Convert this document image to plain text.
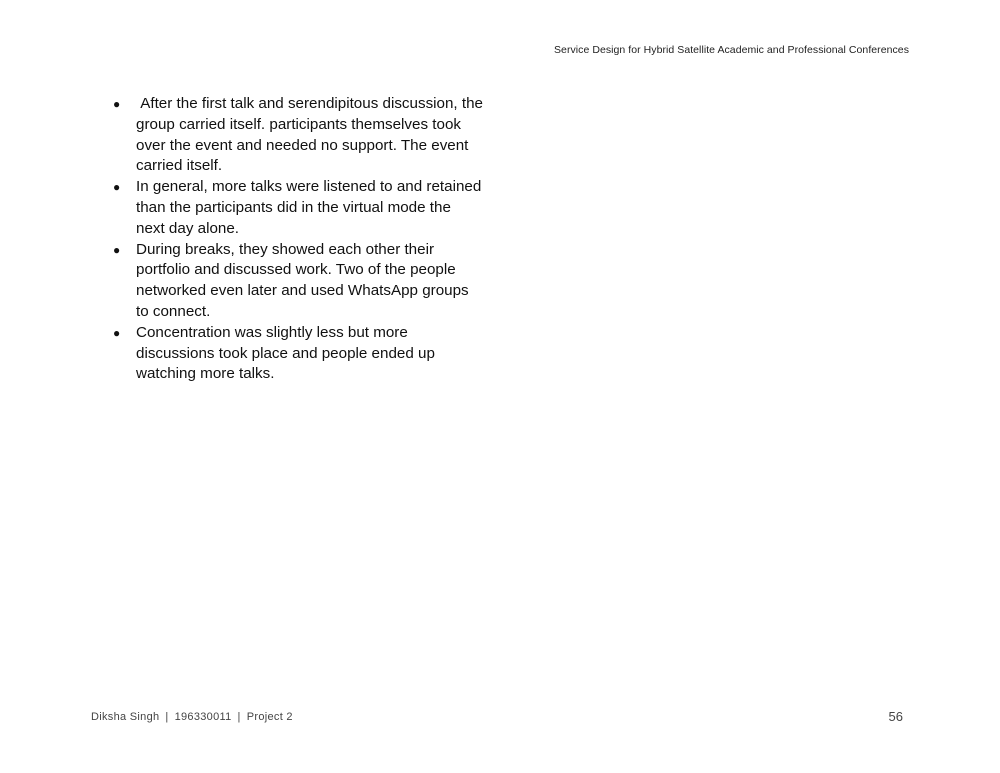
Service Design for Hybrid Satellite Academic and Professional Conferences
● After the first talk and serendipitous discussion, the group carried itself. participants themselves took over the event and needed no support. The event carried itself.
● In general, more talks were listened to and retained than the participants did in the virtual mode the next day alone.
● During breaks, they showed each other their portfolio and discussed work. Two of the people networked even later and used WhatsApp groups to connect.
● Concentration was slightly less but more discussions took place and people ended up watching more talks.
Diksha Singh | 196330011 | Project 2	56
